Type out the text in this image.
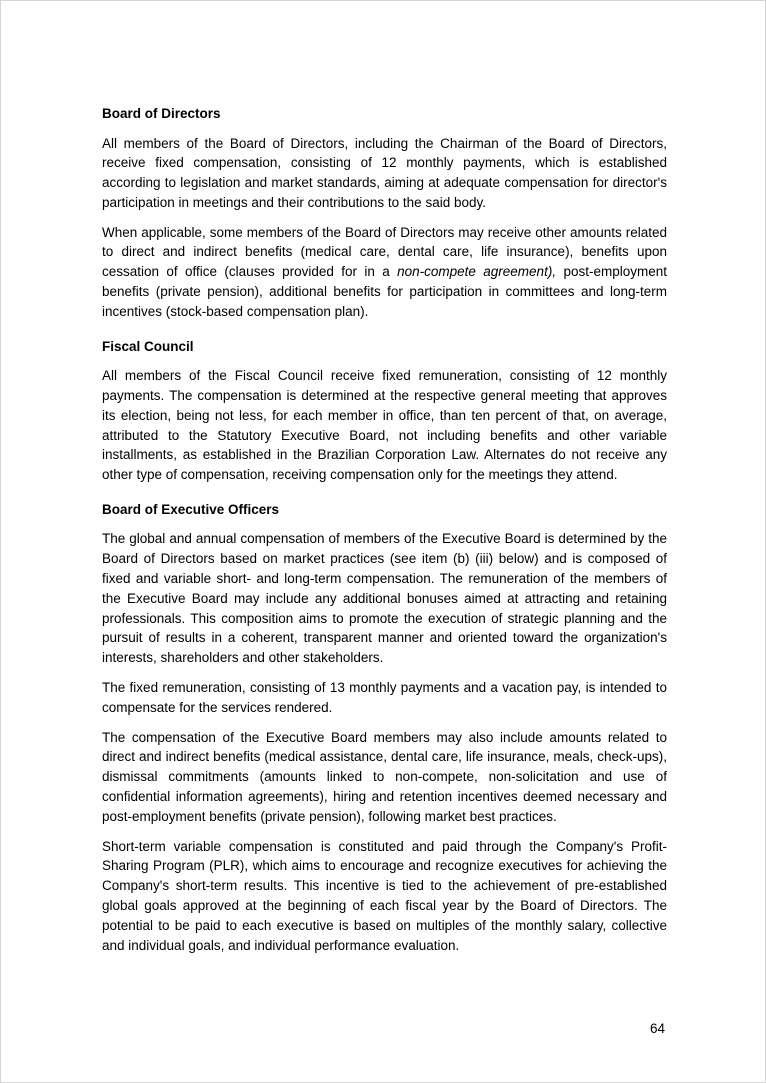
Board of Directors

All members of the Board of Directors, including the Chairman of the Board of Directors, receive fixed compensation, consisting of 12 monthly payments, which is established according to legislation and market standards, aiming at adequate compensation for director's participation in meetings and their contributions to the said body.

When applicable, some members of the Board of Directors may receive other amounts related to direct and indirect benefits (medical care, dental care, life insurance), benefits upon cessation of office (clauses provided for in a non-compete agreement), post-employment benefits (private pension), additional benefits for participation in committees and long-term incentives (stock-based compensation plan).

Fiscal Council

All members of the Fiscal Council receive fixed remuneration, consisting of 12 monthly payments. The compensation is determined at the respective general meeting that approves its election, being not less, for each member in office, than ten percent of that, on average, attributed to the Statutory Executive Board, not including benefits and other variable installments, as established in the Brazilian Corporation Law. Alternates do not receive any other type of compensation, receiving compensation only for the meetings they attend.

Board of Executive Officers

The global and annual compensation of members of the Executive Board is determined by the Board of Directors based on market practices (see item (b) (iii) below) and is composed of fixed and variable short- and long-term compensation. The remuneration of the members of the Executive Board may include any additional bonuses aimed at attracting and retaining professionals. This composition aims to promote the execution of strategic planning and the pursuit of results in a coherent, transparent manner and oriented toward the organization's interests, shareholders and other stakeholders.

The fixed remuneration, consisting of 13 monthly payments and a vacation pay, is intended to compensate for the services rendered.

The compensation of the Executive Board members may also include amounts related to direct and indirect benefits (medical assistance, dental care, life insurance, meals, check-ups), dismissal commitments (amounts linked to non-compete, non-solicitation and use of confidential information agreements), hiring and retention incentives deemed necessary and post-employment benefits (private pension), following market best practices.

Short-term variable compensation is constituted and paid through the Company's Profit-Sharing Program (PLR), which aims to encourage and recognize executives for achieving the Company's short-term results. This incentive is tied to the achievement of pre-established global goals approved at the beginning of each fiscal year by the Board of Directors. The potential to be paid to each executive is based on multiples of the monthly salary, collective and individual goals, and individual performance evaluation.

64
